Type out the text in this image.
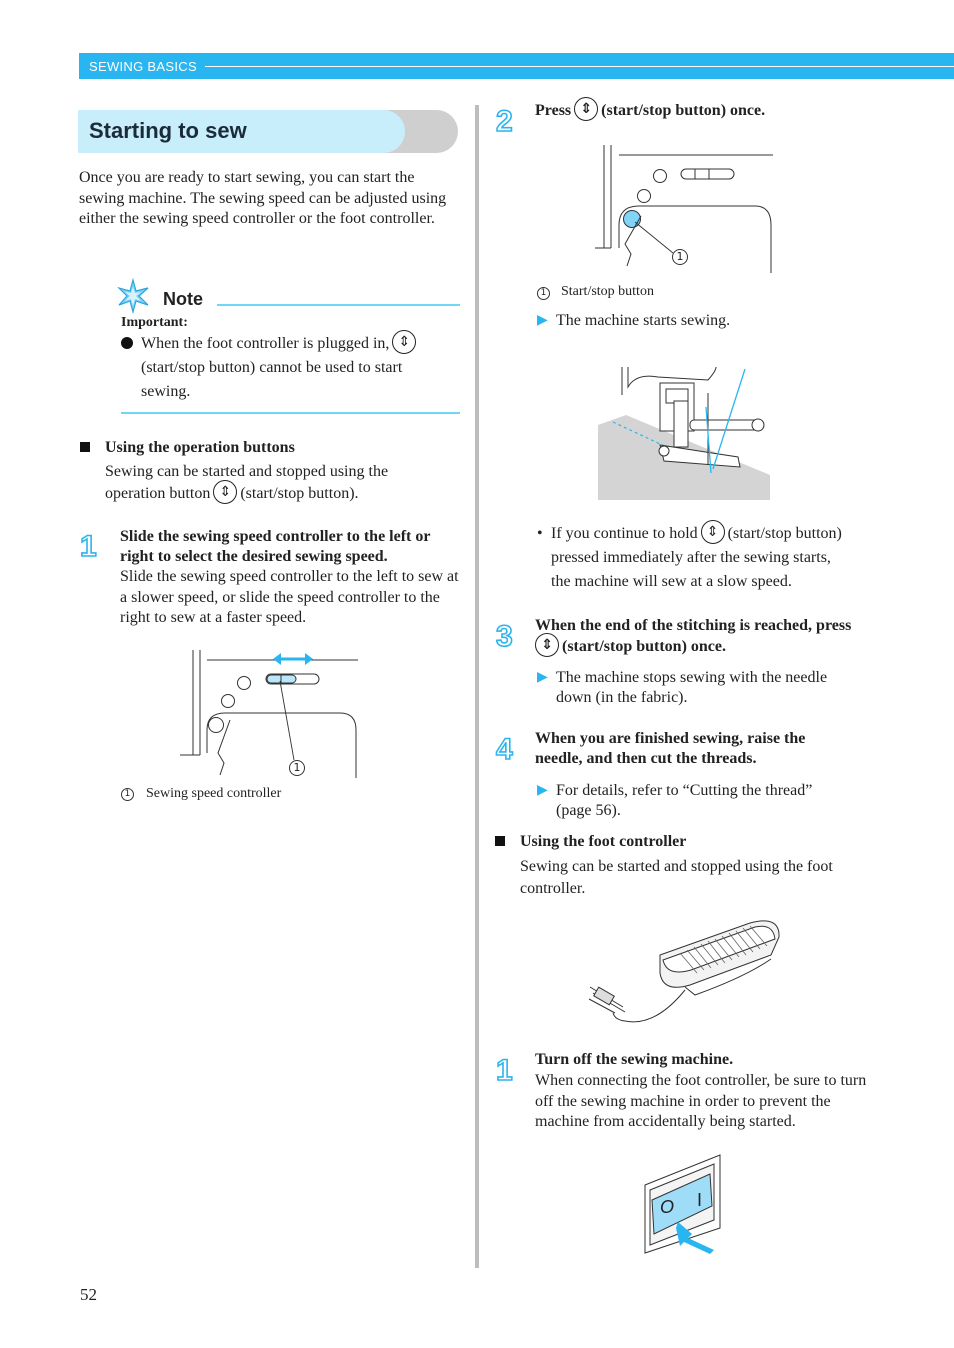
SEWING BASICS
Starting to sew
Once you are ready to start sewing, you can start the sewing machine. The sewing speed can be adjusted using either the sewing speed controller or the foot controller.
Note
Important:
When the foot controller is plugged in, ⇕
(start/stop button) cannot be used to start
sewing.
Using the operation buttons
Sewing can be started and stopped using the
operation button ⇕ (start/stop button).
1 Slide the sewing speed controller to the left or
right to select the desired sewing speed.
Slide the sewing speed controller to the left to sew at a slower speed, or slide the speed controller to the right to sew at a faster speed.
1
1 Sewing speed controller
2 Press ⇕ (start/stop button) once.
1
1 Start/stop button
▶ The machine starts sewing.
• If you continue to hold ⇕ (start/stop button)
pressed immediately after the sewing starts,
the machine will sew at a slow speed.
3 When the end of the stitching is reached, press
⇕ (start/stop button) once.
▶ The machine stops sewing with the needle
down (in the fabric).
4 When you are finished sewing, raise the
needle, and then cut the threads.
▶ For details, refer to “Cutting the thread”
(page 56).
Using the foot controller
Sewing can be started and stopped using the foot
controller.
1 Turn off the sewing machine.
When connecting the foot controller, be sure to turn off the sewing machine in order to prevent the machine from accidentally being started.
O I
52
